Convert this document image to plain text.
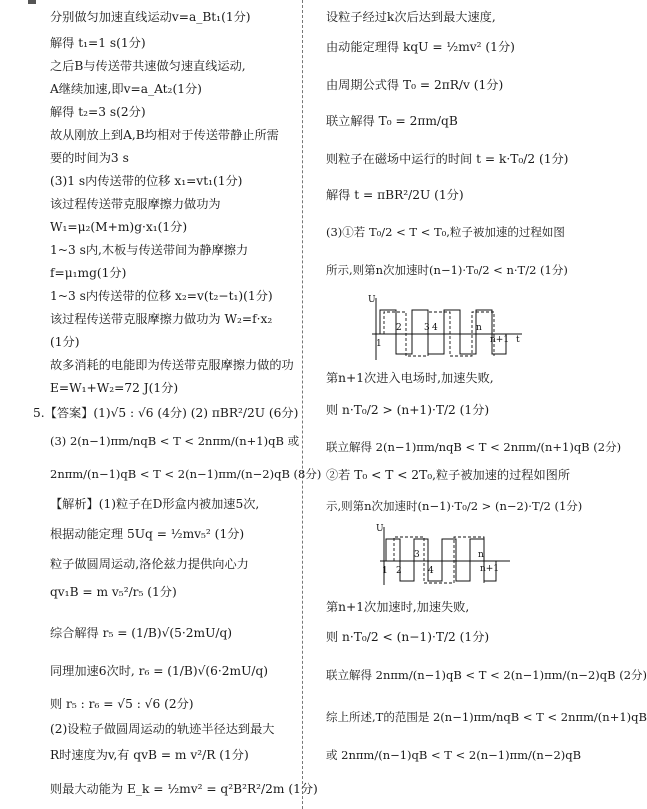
分别做匀加速直线运动v=a_Bt₁(1分)
解得 t₁=1 s(1分)
之后B与传送带共速做匀速直线运动,
A继续加速,即v=a_At₂(1分)
解得 t₂=3 s(2分)
故从刚放上到A,B均相对于传送带静止所需
要的时间为3 s
(3)1 s内传送带的位移 x₁=vt₁(1分)
该过程传送带克服摩擦力做功为
W₁=μ₂(M+m)g·x₁(1分)
1~3 s内,木板与传送带间为静摩擦力
f=μ₁mg(1分)
1~3 s内传送带的位移 x₂=v(t₂−t₁)(1分)
该过程传送带克服摩擦力做功为 W₂=f·x₂
(1分)
故多消耗的电能即为传送带克服摩擦力做的功
E=W₁+W₂=72 J(1分)
5.【答案】(1)√5 : √6 (4分) (2) πBR²/2U (6分)
(3) 2(n−1)πm/nqB < T < 2nπm/(n+1)qB 或
2nπm/(n−1)qB < T < 2(n−1)πm/(n−2)qB (8分)
【解析】(1)粒子在D形盒内被加速5次,
根据动能定理 5Uq = ½mv₅² (1分)
粒子做圆周运动,洛伦兹力提供向心力
qv₁B = m v₅²/r₅ (1分)
综合解得 r₅ = (1/B)√(5·2mU/q)
同理加速6次时, r₆ = (1/B)√(6·2mU/q)
则 r₅ : r₆ = √5 : √6 (2分)
(2)设粒子做圆周运动的轨迹半径达到最大
R时速度为v,有 qvB = m v²/R (1分)
则最大动能为 E_k = ½mv² = q²B²R²/2m (1分)
设粒子经过k次后达到最大速度,
由动能定理得 kqU = ½mv² (1分)
由周期公式得 T₀ = 2πR/v (1分)
联立解得 T₀ = 2πm/qB
则粒子在磁场中运行的时间 t = k·T₀/2 (1分)
解得 t = πBR²/2U (1分)
(3)①若 T₀/2 < T < T₀,粒子被加速的过程如图
所示,则第n次加速时(n−1)·T₀/2 < n·T/2 (1分)
U
1
2 3 4	n
n+1 t
第n+1次进入电场时,加速失败,
则 n·T₀/2 > (n+1)·T/2 (1分)
联立解得 2(n−1)πm/nqB < T < 2nπm/(n+1)qB (2分)
②若 T₀ < T < 2T₀,粒子被加速的过程如图所
示,则第n次加速时(n−1)·T₀/2 > (n−2)·T/2 (1分)
U
1 2
3
4
n
n+1
第n+1次加速时,加速失败,
则 n·T₀/2 < (n−1)·T/2 (1分)
联立解得 2nπm/(n−1)qB < T < 2(n−1)πm/(n−2)qB (2分)
综上所述,T的范围是 2(n−1)πm/nqB < T < 2nπm/(n+1)qB
或 2nπm/(n−1)qB < T < 2(n−1)πm/(n−2)qB
